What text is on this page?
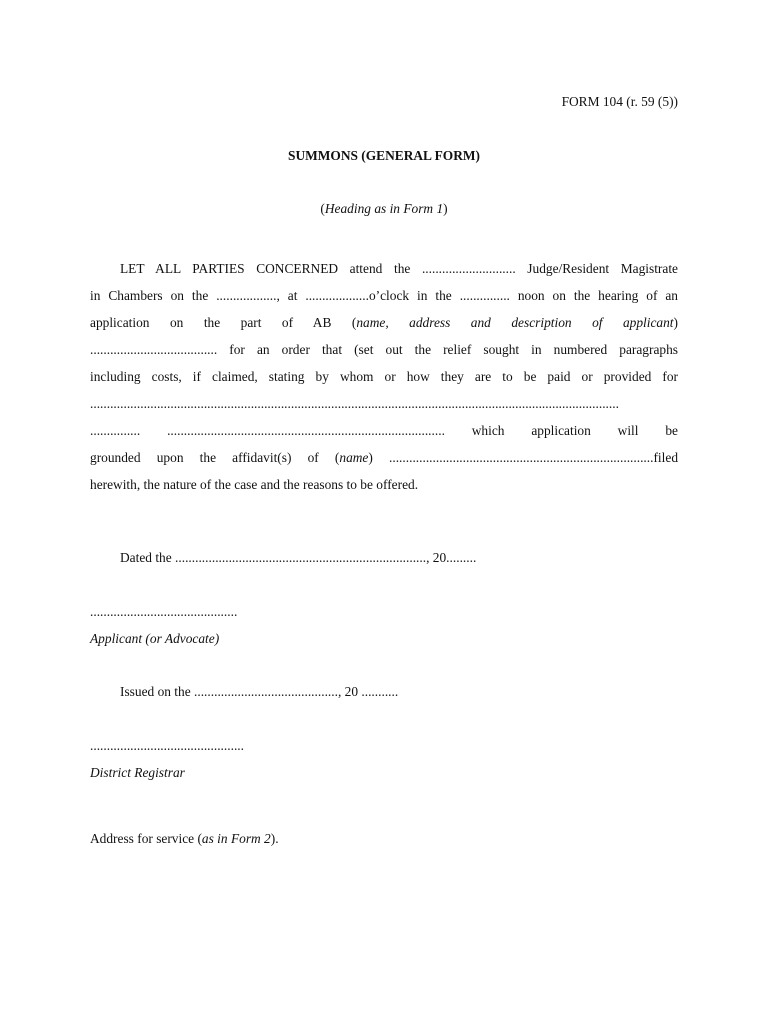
FORM 104 (r. 59 (5))
SUMMONS (GENERAL FORM)
(Heading as in Form 1)
LET ALL PARTIES CONCERNED attend the ............................ Judge/Resident Magistrate
in Chambers on the .................., at ...................o’clock in the ............... noon on the hearing of an
application on the part of AB (name, address and description of applicant)
...................................... for an order that (set out the relief sought in numbered paragraphs
including costs, if claimed, stating by whom or how they are to be paid or provided for
..............................................................................................................................................................
............... ................................................................................... which application will be
grounded upon the affidavit(s) of (name) ...............................................................................filed
herewith, the nature of the case and the reasons to be offered.
Dated the ..........................................................................., 20.........
............................................
Applicant (or Advocate)
Issued on the ..........................................., 20 ...........
..............................................
District Registrar
Address for service (as in Form 2).
